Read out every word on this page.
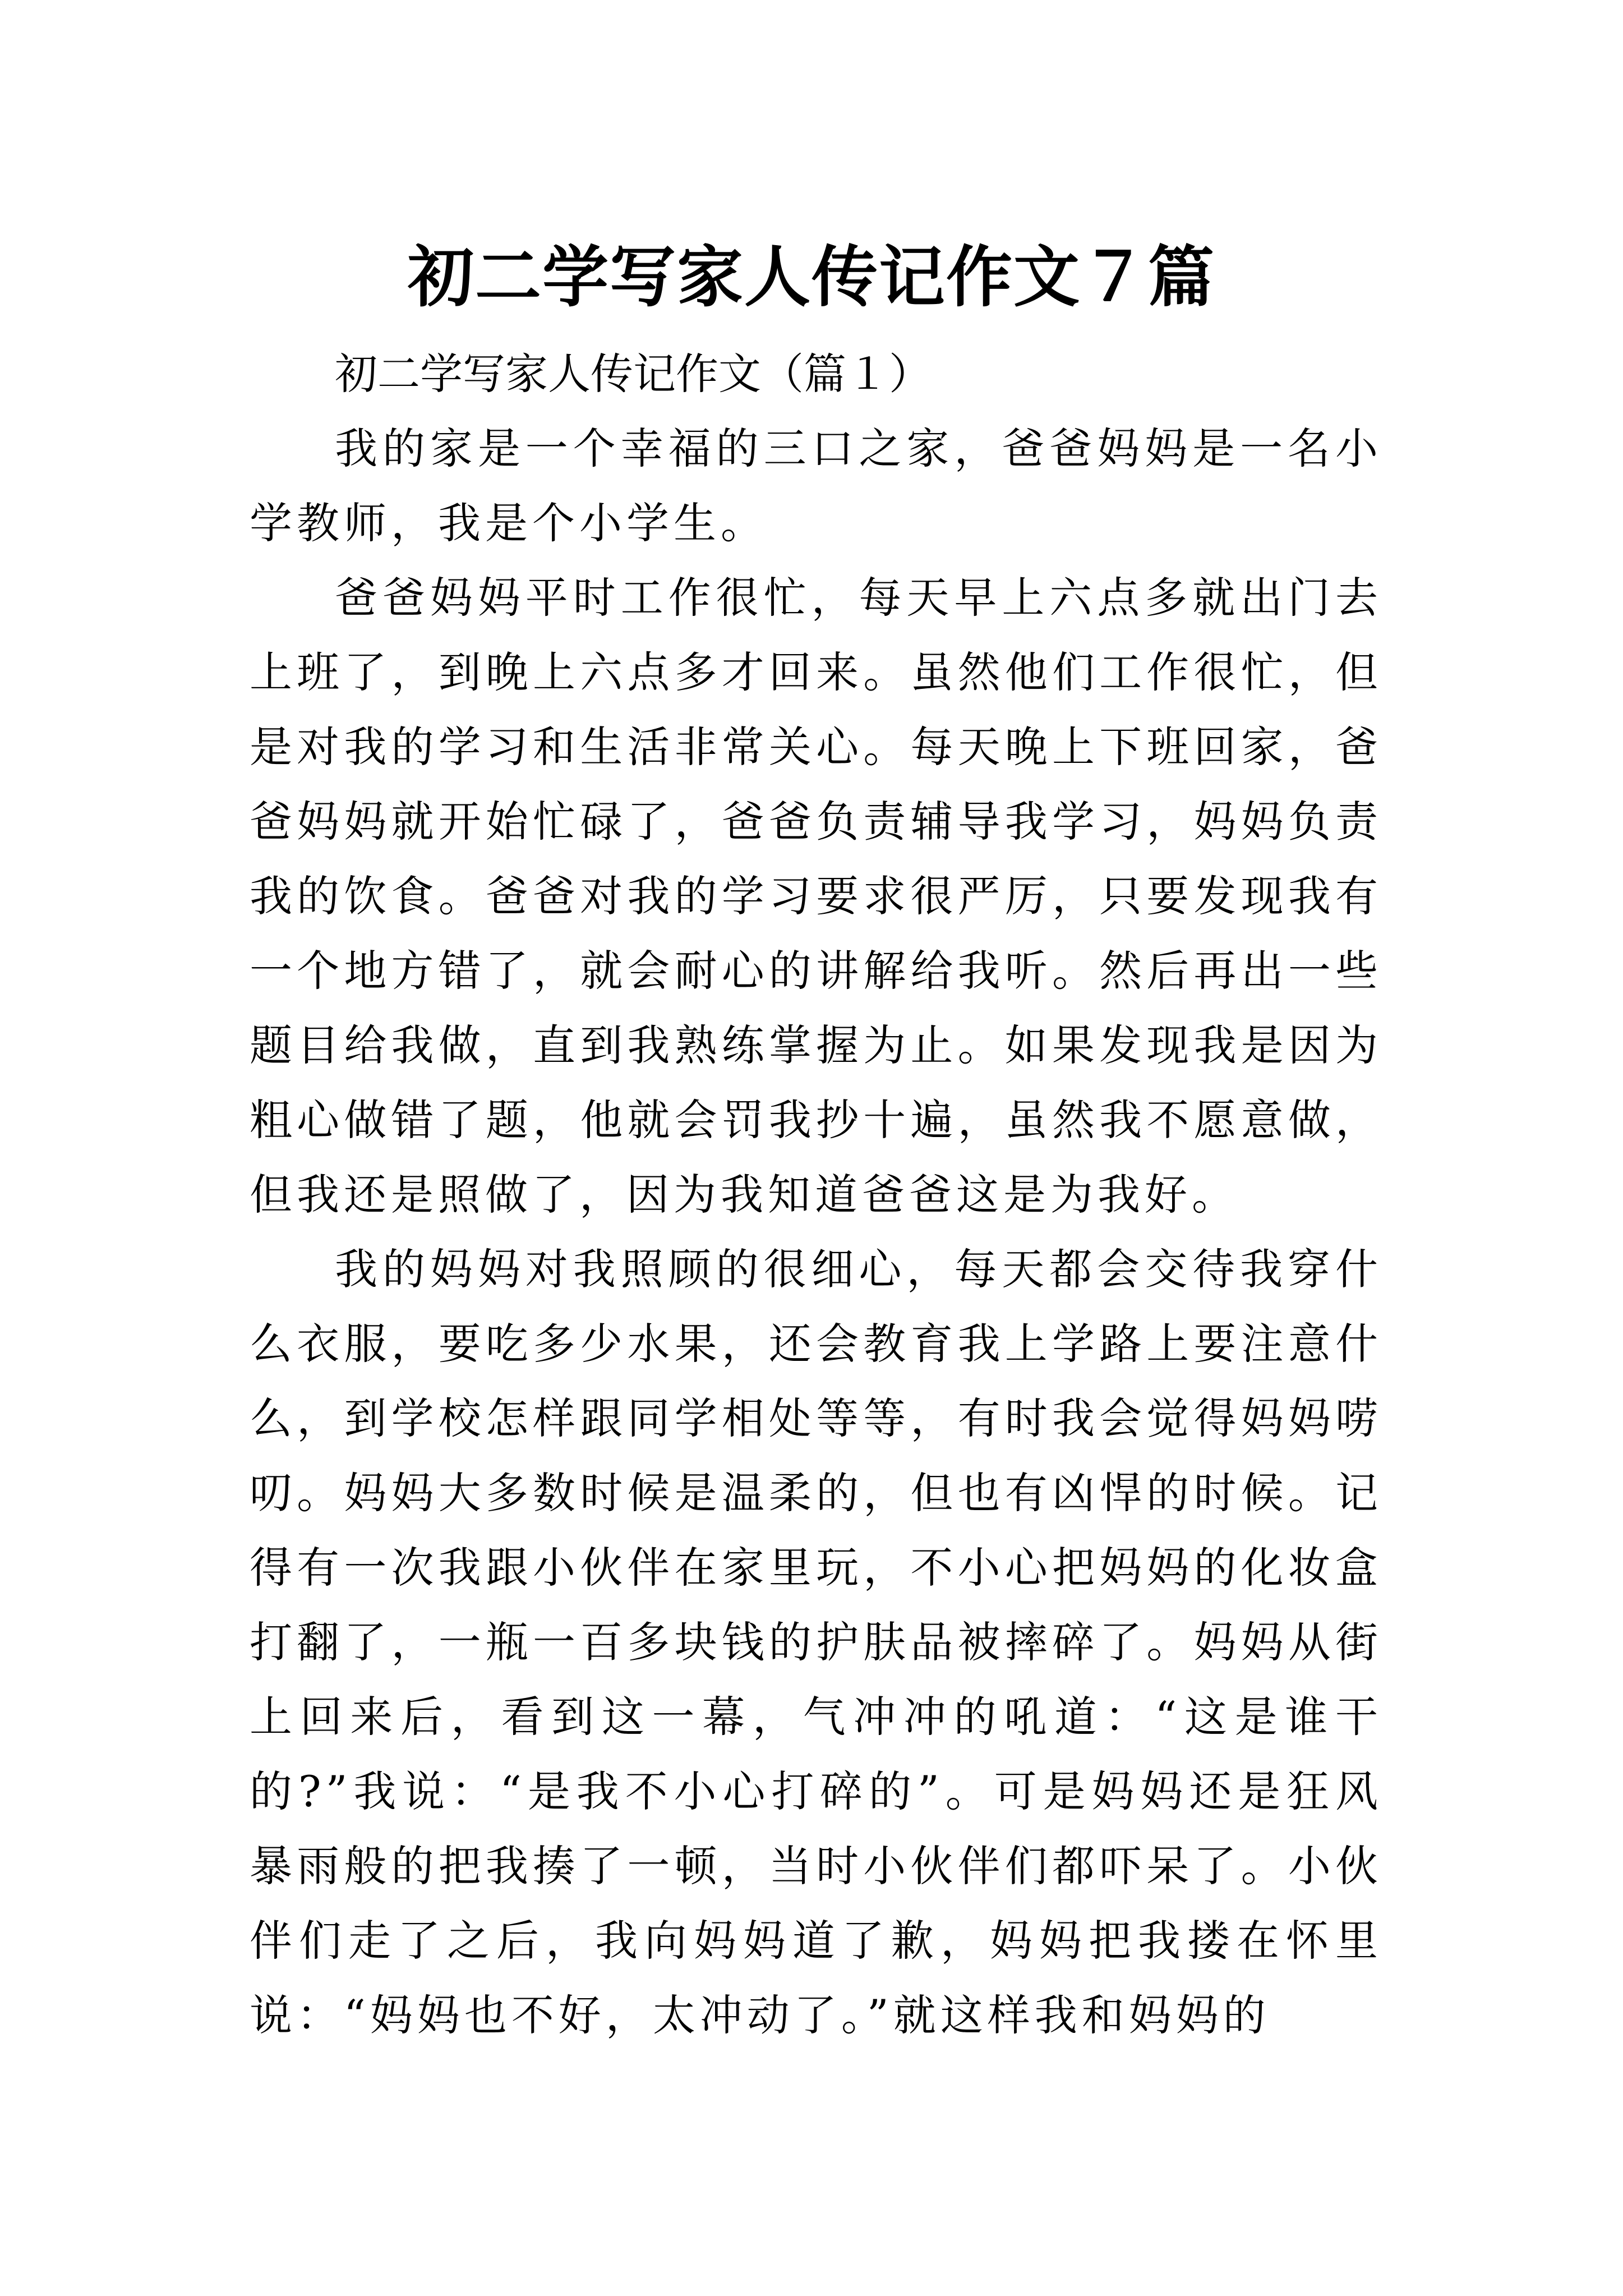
初二学写家人传记作文７篇

初二学写家人传记作文（篇１）

我的家是一个幸福的三口之家，爸爸妈妈是一名小学教师，我是个小学生。

爸爸妈妈平时工作很忙，每天早上六点多就出门去上班了，到晚上六点多才回来。虽然他们工作很忙，但是对我的学习和生活非常关心。每天晚上下班回家，爸爸妈妈就开始忙碌了，爸爸负责辅导我学习，妈妈负责我的饮食。爸爸对我的学习要求很严厉，只要发现我有一个地方错了，就会耐心的讲解给我听。然后再出一些题目给我做，直到我熟练掌握为止。如果发现我是因为粗心做错了题，他就会罚我抄十遍，虽然我不愿意做，但我还是照做了，因为我知道爸爸这是为我好。

我的妈妈对我照顾的很细心，每天都会交待我穿什么衣服，要吃多少水果，还会教育我上学路上要注意什么，到学校怎样跟同学相处等等，有时我会觉得妈妈唠叨。妈妈大多数时候是温柔的，但也有凶悍的时候。记得有一次我跟小伙伴在家里玩，不小心把妈妈的化妆盒打翻了，一瓶一百多块钱的护肤品被摔碎了。妈妈从街上回来后，看到这一幕，气冲冲的吼道：“这是谁干的?”我说：“是我不小心打碎的”。可是妈妈还是狂风暴雨般的把我揍了一顿，当时小伙伴们都吓呆了。小伙伴们走了之后，我向妈妈道了歉，妈妈把我搂在怀里说：“妈妈也不好，太冲动了。”就这样我和妈妈的
